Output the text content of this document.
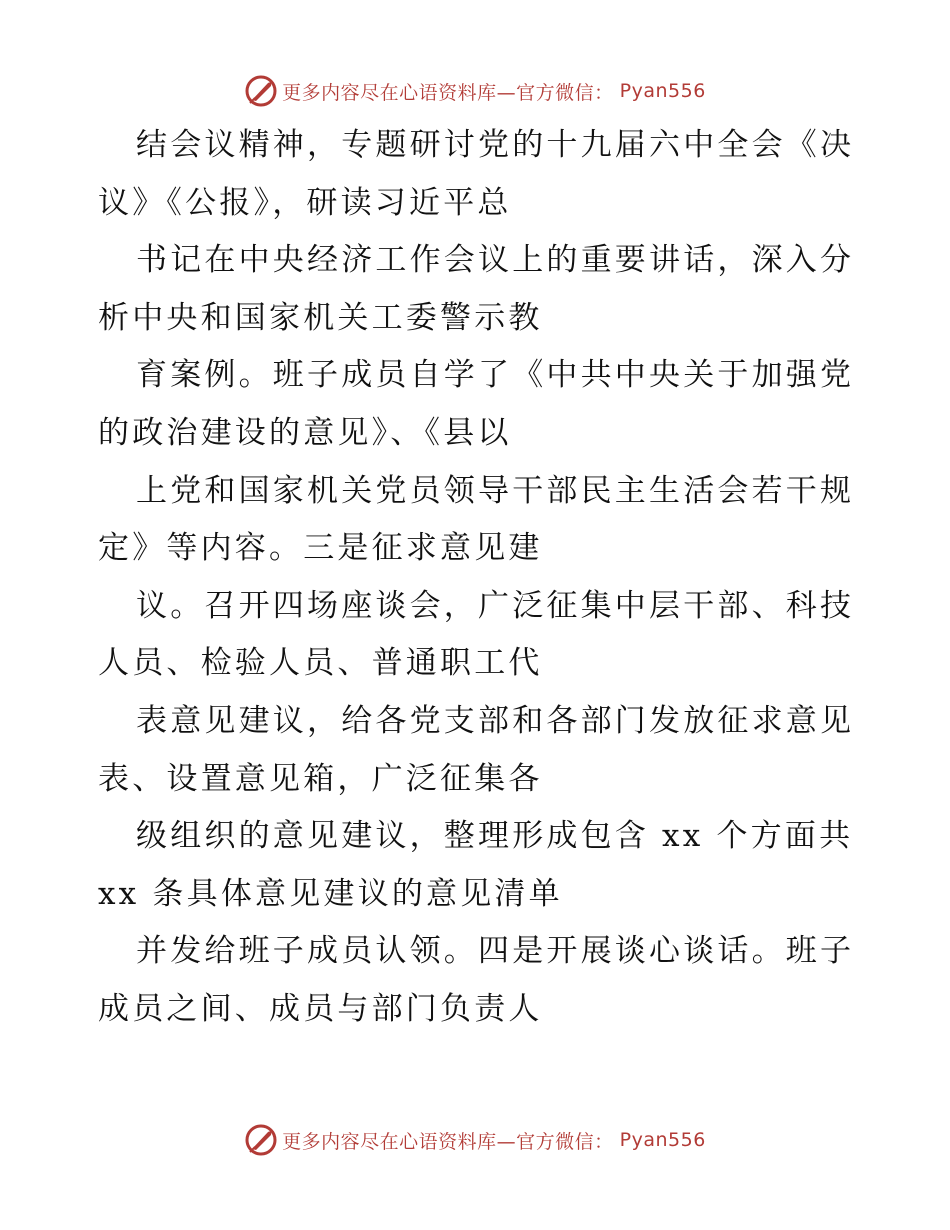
更多内容尽在心语资料库—官方微信： Pyan556
结会议精神，专题研讨党的十九届六中全会《决
议》《公报》，研读习近平总
书记在中央经济工作会议上的重要讲话，深入分
析中央和国家机关工委警示教
育案例。班子成员自学了《中共中央关于加强党
的政治建设的意见》、《县以
上党和国家机关党员领导干部民主生活会若干规
定》等内容。三是征求意见建
议。召开四场座谈会，广泛征集中层干部、科技
人员、检验人员、普通职工代
表意见建议，给各党支部和各部门发放征求意见
表、设置意见箱，广泛征集各
级组织的意见建议，整理形成包含 xx 个方面共
xx 条具体意见建议的意见清单
并发给班子成员认领。四是开展谈心谈话。班子
成员之间、成员与部门负责人
更多内容尽在心语资料库—官方微信： Pyan556
